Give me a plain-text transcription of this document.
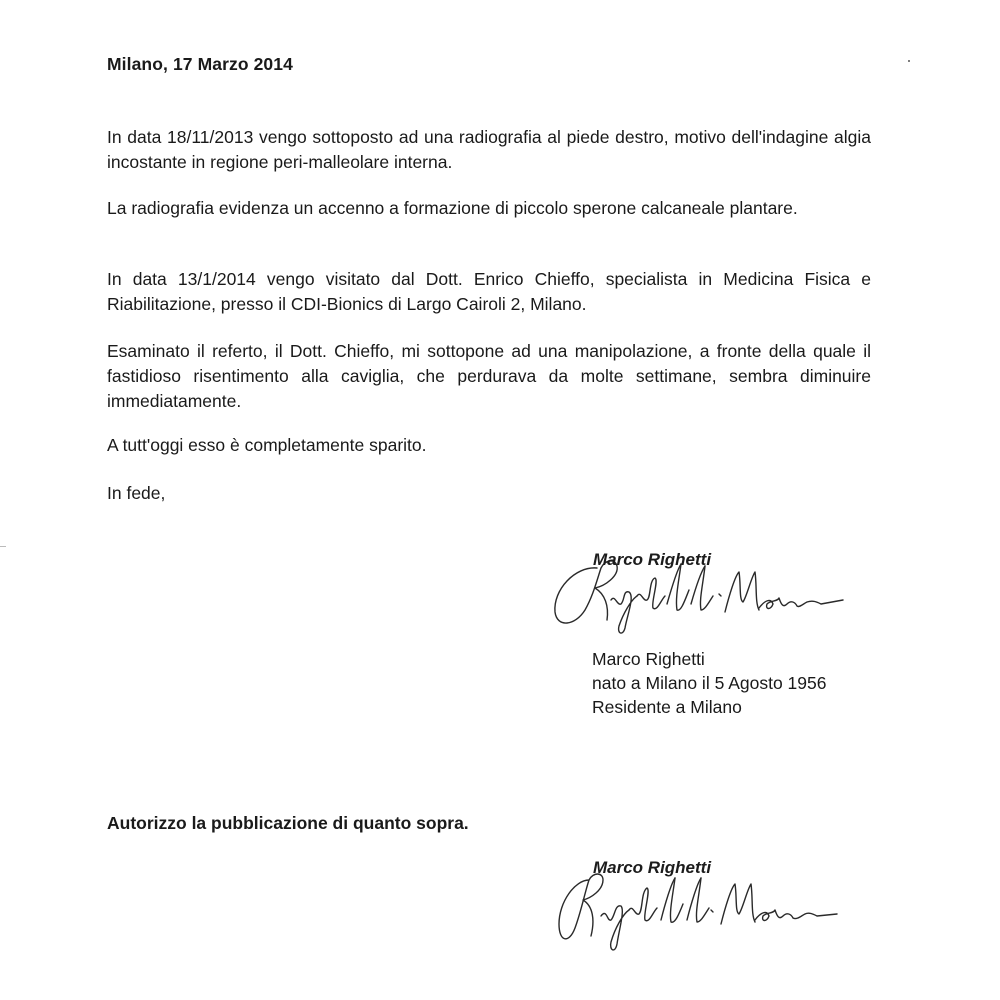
Milano, 17 Marzo 2014

In data 18/11/2013 vengo sottoposto ad una radiografia al piede destro, motivo dell'indagine algia incostante in regione peri-malleolare interna.

La radiografia evidenza un accenno a formazione di piccolo sperone calcaneale plantare.

In data 13/1/2014 vengo visitato dal Dott. Enrico Chieffo, specialista in Medicina Fisica e Riabilitazione, presso il CDI-Bionics di Largo Cairoli 2, Milano.

Esaminato il referto, il Dott. Chieffo, mi sottopone ad una manipolazione, a fronte della quale il fastidioso risentimento alla caviglia, che perdurava da molte settimane, sembra diminuire immediatamente.

A tutt'oggi esso è completamente sparito.

In fede,

Marco Righetti
Marco Righetti
nato a Milano il 5 Agosto 1956
Residente a Milano
Autorizzo la pubblicazione di quanto sopra.
Marco Righetti
